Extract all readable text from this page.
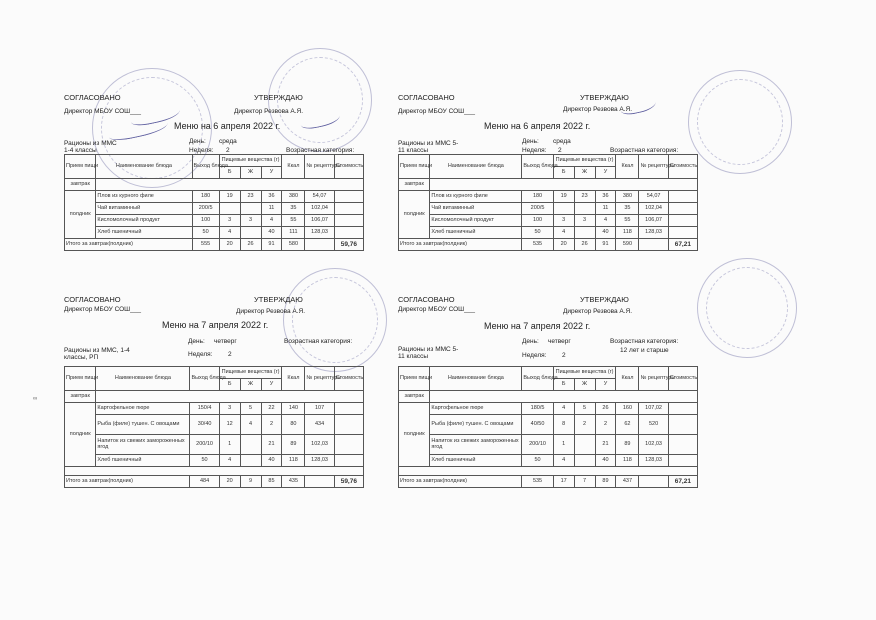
СОГЛАСОВАНО	УТВЕРЖДАЮ
Директор МБОУ СОШ___	Директор Резвова А.Я.
Меню на 6 апреля 2022 г.
Рационы из ММС 1-4 классы
День: среда
Неделя: 2	Возрастная категория:
Прием пищи	Наименование блюда	Выход блюда	Пищевые вещества (г)			Ккал	№ рецептуры	Стоимость
			Б	Ж	У			
завтрак								
полдник	Плов из курного филе	180	19	23	36	380	54,07	
	Чай витаминный	200/5			11	35	102,04	
	Кисломолочный продукт	100	3	3	4	55	106,07	
	Хлеб пшеничный	50	4		40	111	128,03	
Итого за завтрак(полдник)		555	20	26	91	580		59,76
СОГЛАСОВАНО	УТВЕРЖДАЮ
Директор МБОУ СОШ___	Директор Резвова А.Я.
Меню на 6 апреля 2022 г.
Рационы из ММС 5-11 классы
День: среда
Неделя: 2	Возрастная категория:
Прием пищи	Наименование блюда	Выход блюда	Пищевые вещества (г)			Ккал	№ рецептуры	Стоимость
			Б	Ж	У			
завтрак								
полдник	Плов из курного филе	180	19	23	36	380	54,07	
	Чай витаминный	200/5			11	35	102,04	
	Кисломолочный продукт	100	3	3	4	55	106,07	
	Хлеб пшеничный	50	4		40	118	128,03	
Итого за завтрак(полдник)		535	20	26	91	590		67,21
СОГЛАСОВАНО	УТВЕРЖДАЮ
Директор МБОУ СОШ___	Директор Резвова А.Я.
Меню на 7 апреля 2022 г.
Рационы из ММС, 1-4 классы, РП
День: четверг
Неделя: 2
Возрастная категория:
Прием пищи	Наименование блюда	Выход блюда	Пищевые вещества (г)			Ккал	№ рецептуры	Стоимость
			Б	Ж	У			
завтрак								
полдник	Картофельное пюре	150/4	3	5	22	140	107	
	Рыба (филе) тушен. С овощами	30/40	12	4	2	80	434	
	Напиток из свежих замороженных ягод	200/10	1		21	89	102,03	
	Хлеб пшеничный	50	4		40	118	128,03	

Итого за завтрак(полдник)		484	20	9	85	435		59,76
СОГЛАСОВАНО	УТВЕРЖДАЮ
Директор МБОУ СОШ___	Директор Резвова А.Я.
Меню на 7 апреля 2022 г.
Рационы из ММС 5-11 классы
День: четверг
Неделя: 2
Возрастная категория:
12 лет и старше
Прием пищи	Наименование блюда	Выход блюда	Пищевые вещества (г)			Ккал	№ рецептуры	Стоимость
			Б	Ж	У			
завтрак								
полдник	Картофельное пюре	180/5	4	5	26	160	107,02	
	Рыба (филе) тушен. С овощами	40/50	8	2	2	62	520	
	Напиток из свежих замороженных ягод	200/10	1		21	89	102,03	
	Хлеб пшеничный	50	4		40	118	128,03	

Итого за завтрак(полдник)		535	17	7	89	437		67,21
∞
